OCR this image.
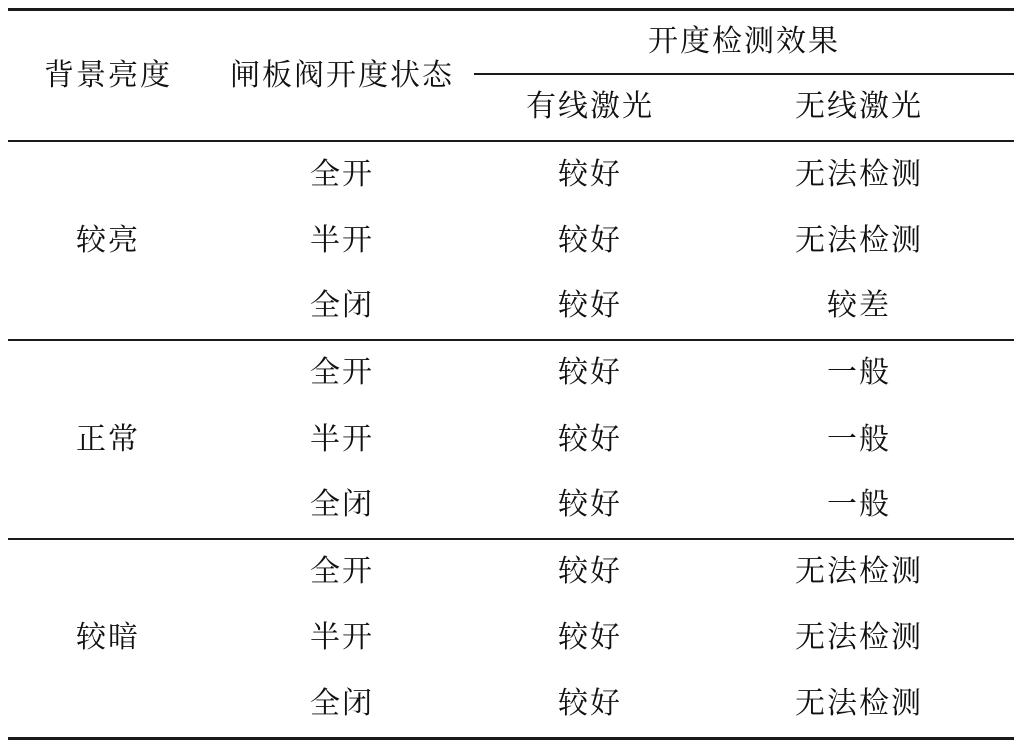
背景亮度 闸板阀开度状态
开度检测效果
有线激光	无线激光
较亮
全开	较好	无法检测
半开	较好	无法检测
全闭	较好	较差
正常
全开	较好	一般
半开	较好	一般
全闭	较好	一般
较暗
全开	较好	无法检测
半开	较好	无法检测
全闭	较好	无法检测
